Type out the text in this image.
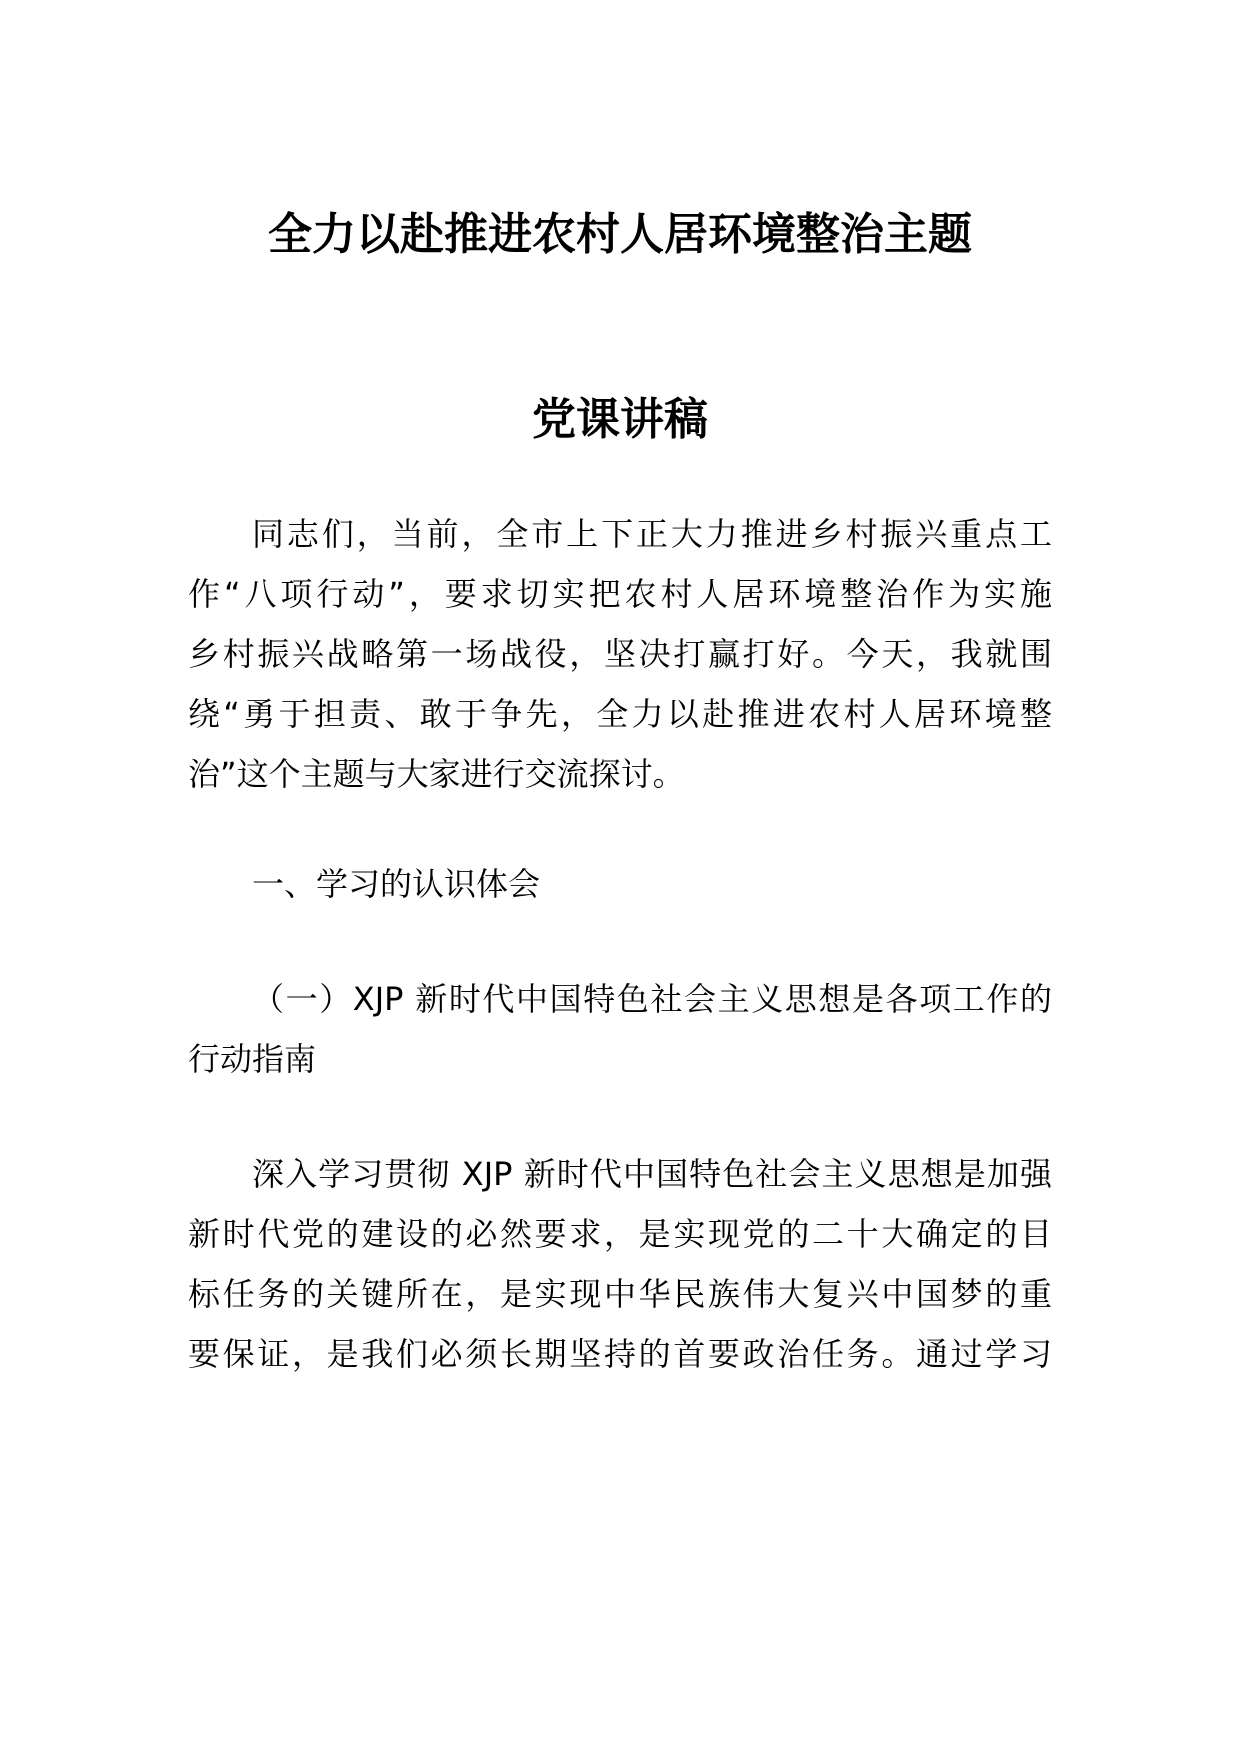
全力以赴推进农村人居环境整治主题
党课讲稿
同志们，当前，全市上下正大力推进乡村振兴重点工
作“八项行动”，要求切实把农村人居环境整治作为实施
乡村振兴战略第一场战役，坚决打赢打好。今天，我就围
绕“勇于担责、敢于争先，全力以赴推进农村人居环境整
治”这个主题与大家进行交流探讨。
一、学习的认识体会
（一）XJP 新时代中国特色社会主义思想是各项工作的
行动指南
深入学习贯彻 XJP 新时代中国特色社会主义思想是加强
新时代党的建设的必然要求，是实现党的二十大确定的目
标任务的关键所在，是实现中华民族伟大复兴中国梦的重
要保证，是我们必须长期坚持的首要政治任务。通过学习
